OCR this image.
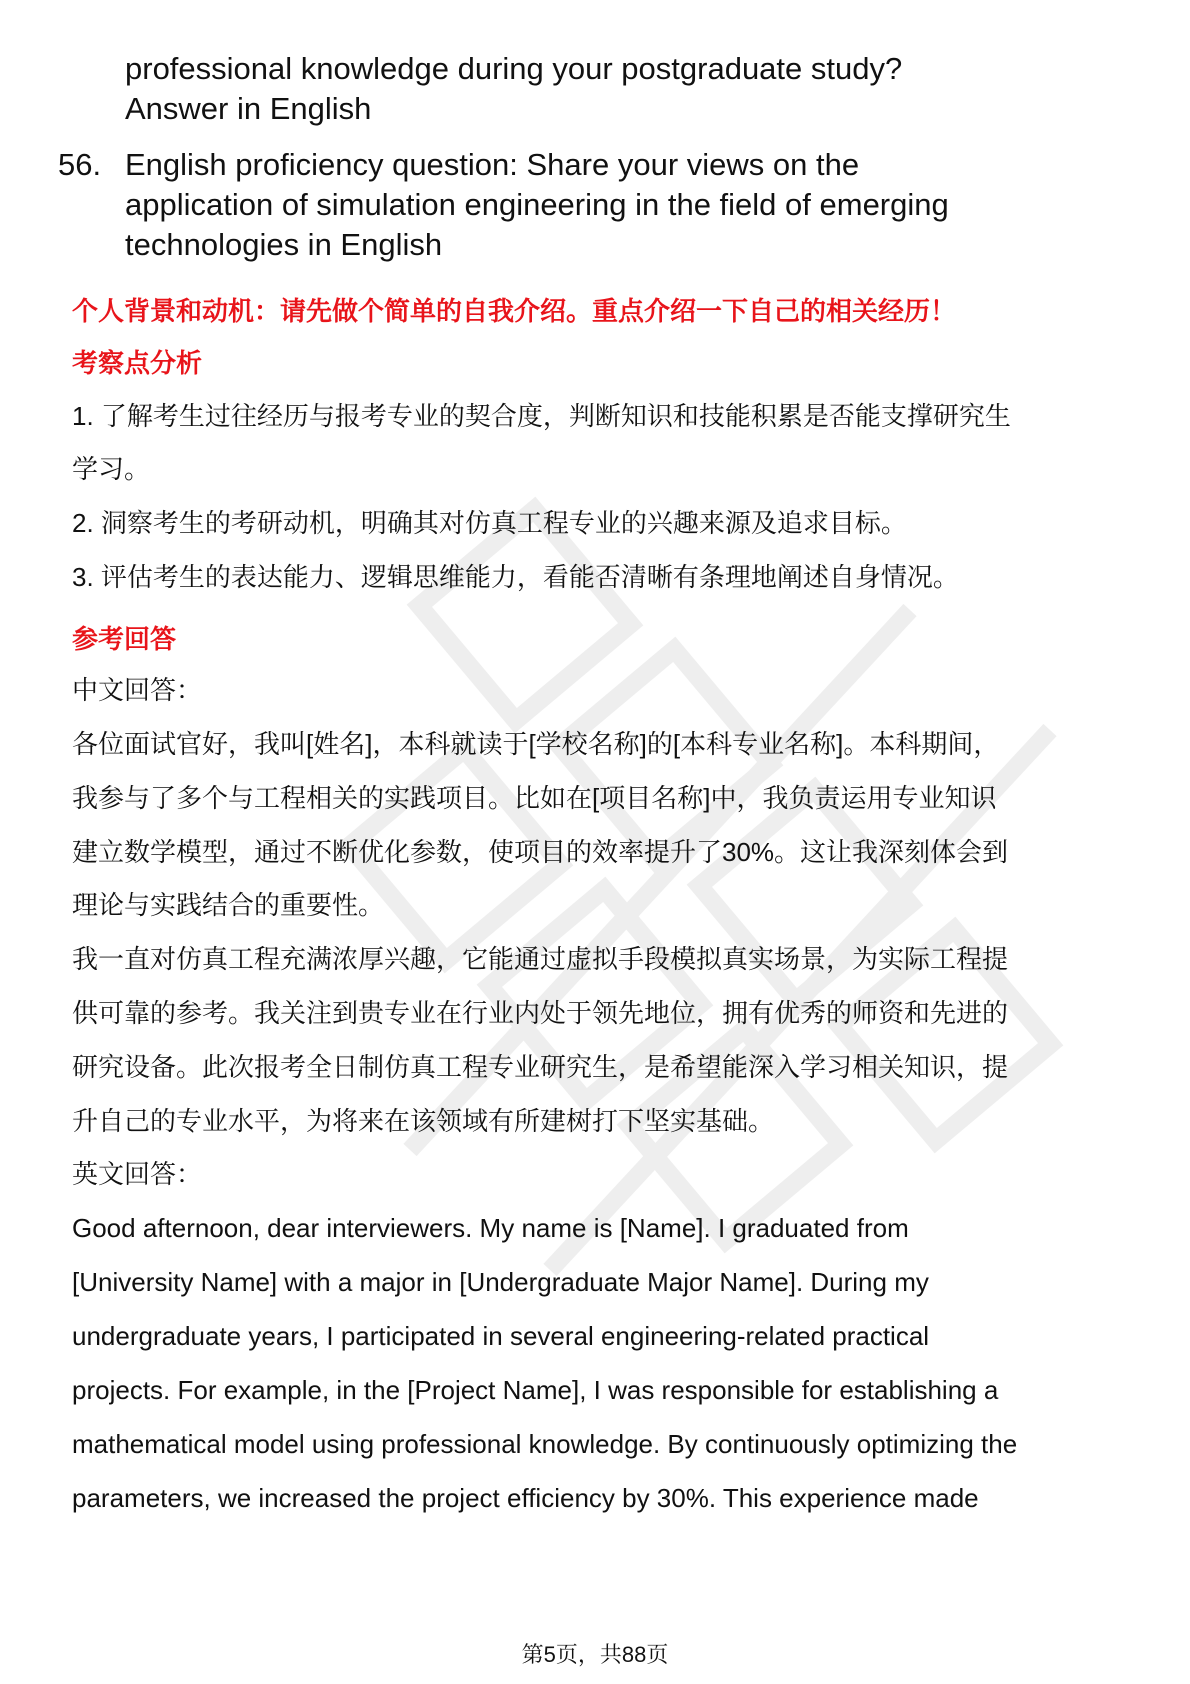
professional knowledge during your postgraduate study?
Answer in English
56. English proficiency question: Share your views on the
application of simulation engineering in the field of emerging
technologies in English
个人背景和动机：请先做个简单的自我介绍。重点介绍一下自己的相关经历！
考察点分析
1. 了解考生过往经历与报考专业的契合度，判断知识和技能积累是否能支撑研究生
学习。
2. 洞察考生的考研动机，明确其对仿真工程专业的兴趣来源及追求目标。
3. 评估考生的表达能力、逻辑思维能力，看能否清晰有条理地阐述自身情况。
参考回答
中文回答：
各位面试官好，我叫[姓名]，本科就读于[学校名称]的[本科专业名称]。本科期间，
我参与了多个与工程相关的实践项目。比如在[项目名称]中，我负责运用专业知识
建立数学模型，通过不断优化参数，使项目的效率提升了30%。这让我深刻体会到
理论与实践结合的重要性。
我一直对仿真工程充满浓厚兴趣，它能通过虚拟手段模拟真实场景，为实际工程提
供可靠的参考。我关注到贵专业在行业内处于领先地位，拥有优秀的师资和先进的
研究设备。此次报考全日制仿真工程专业研究生，是希望能深入学习相关知识，提
升自己的专业水平，为将来在该领域有所建树打下坚实基础。
英文回答：
Good afternoon, dear interviewers. My name is [Name]. I graduated from
[University Name] with a major in [Undergraduate Major Name]. During my
undergraduate years, I participated in several engineering-related practical
projects. For example, in the [Project Name], I was responsible for establishing a
mathematical model using professional knowledge. By continuously optimizing the
parameters, we increased the project efficiency by 30%. This experience made
第5页，共88页
